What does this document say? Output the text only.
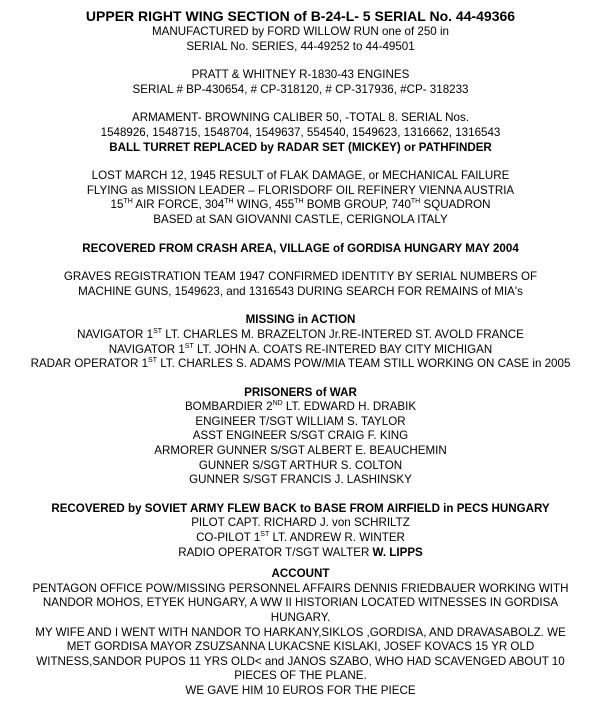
UPPER RIGHT WING SECTION of B-24-L- 5 SERIAL No. 44-49366
MANUFACTURED by FORD WILLOW RUN one of 250 in
SERIAL No. SERIES, 44-49252 to 44-49501
PRATT & WHITNEY R-1830-43 ENGINES
SERIAL # BP-430654, # CP-318120, # CP-317936, #CP- 318233
ARMAMENT- BROWNING CALIBER 50, -TOTAL 8. SERIAL Nos.
1548926, 1548715, 1548704, 1549637, 554540, 1549623, 1316662, 1316543
BALL TURRET REPLACED by RADAR SET (MICKEY) or PATHFINDER
LOST MARCH 12, 1945 RESULT of FLAK DAMAGE, or MECHANICAL FAILURE
FLYING as MISSION LEADER – FLORISDORF OIL REFINERY VIENNA AUSTRIA
15TH AIR FORCE, 304TH WING, 455TH BOMB GROUP, 740TH SQUADRON
BASED at SAN GIOVANNI CASTLE, CERIGNOLA ITALY
RECOVERED FROM CRASH AREA, VILLAGE of GORDISA HUNGARY MAY 2004
GRAVES REGISTRATION TEAM 1947 CONFIRMED IDENTITY BY SERIAL NUMBERS OF
MACHINE GUNS, 1549623, and 1316543 DURING SEARCH FOR REMAINS of MIA's
MISSING in ACTION
NAVIGATOR 1ST LT. CHARLES M. BRAZELTON Jr.RE-INTERED ST. AVOLD FRANCE
NAVIGATOR 1ST LT. JOHN A. COATS RE-INTERED BAY CITY MICHIGAN
RADAR OPERATOR 1ST LT. CHARLES S. ADAMS POW/MIA TEAM STILL WORKING ON CASE in 2005
PRISONERS of WAR
BOMBARDIER 2ND LT. EDWARD H. DRABIK
ENGINEER T/SGT WILLIAM S. TAYLOR
ASST ENGINEER S/SGT CRAIG F. KING
ARMORER GUNNER S/SGT ALBERT E. BEAUCHEMIN
GUNNER S/SGT ARTHUR S. COLTON
GUNNER S/SGT FRANCIS J. LASHINSKY
RECOVERED by SOVIET ARMY FLEW BACK to BASE FROM AIRFIELD in PECS HUNGARY
PILOT CAPT. RICHARD J. von SCHRILTZ
CO-PILOT 1ST LT. ANDREW R. WINTER
RADIO OPERATOR T/SGT WALTER W. LIPPS
ACCOUNT
PENTAGON OFFICE POW/MISSING PERSONNEL AFFAIRS DENNIS FRIEDBAUER WORKING WITH
NANDOR MOHOS, ETYEK HUNGARY, A WW II HISTORIAN LOCATED WITNESSES IN GORDISA
HUNGARY.
MY WIFE AND I WENT WITH NANDOR TO HARKANY,SIKLOS ,GORDISA, AND DRAVASABOLZ. WE
MET GORDISA MAYOR ZSUZSANNA LUKACSNE KISLAKI, JOSEF KOVACS 15 YR OLD
WITNESS,SANDOR PUPOS 11 YRS OLD< and JANOS SZABO, WHO HAD SCAVENGED ABOUT 10
PIECES OF THE PLANE.
WE GAVE HIM 10 EUROS FOR THE PIECE
